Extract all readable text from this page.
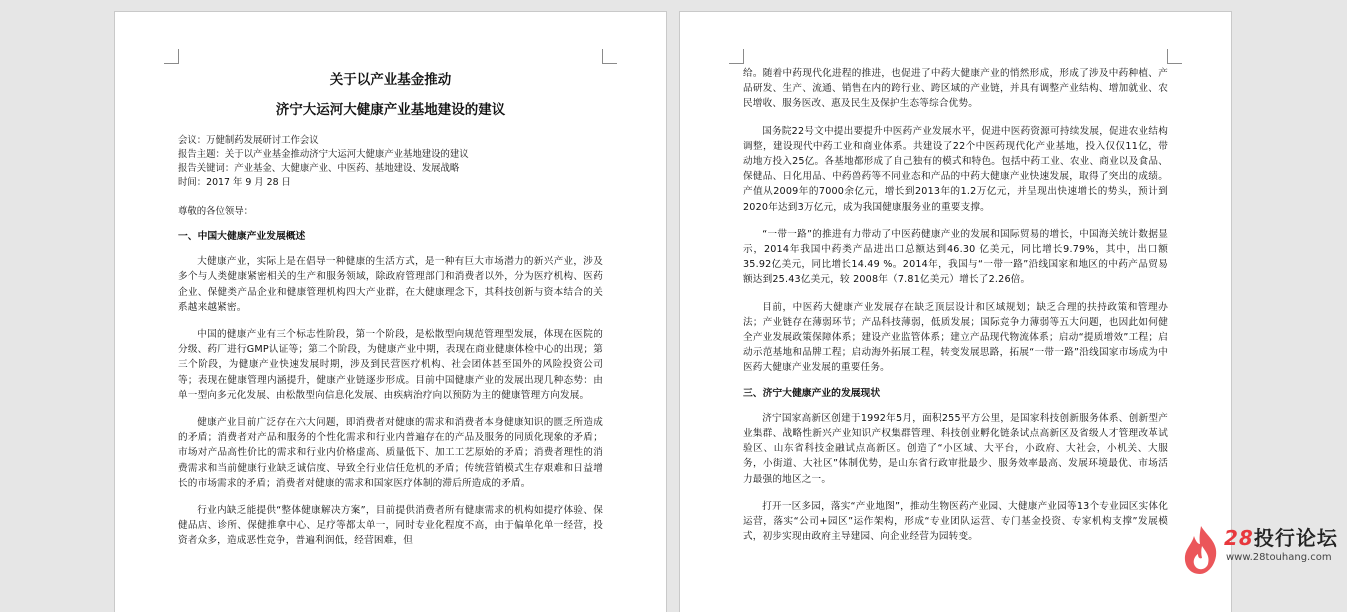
关于以产业基金推动
济宁大运河大健康产业基地建设的建议
会议：万健制药发展研讨工作会议
报告主题：关于以产业基金推动济宁大运河大健康产业基地建设的建议
报告关键词：产业基金、大健康产业、中医药、基地建设、发展战略
时间：2017 年 9 月 28 日
尊敬的各位领导：
一、中国大健康产业发展概述
大健康产业，实际上是在倡导一种健康的生活方式，是一种有巨大市场潜力的新兴产业，涉及多个与人类健康紧密相关的生产和服务领域，除政府管理部门和消费者以外，分为医疗机构、医药企业、保健类产品企业和健康管理机构四大产业群，在大健康理念下，其科技创新与资本结合的关系越来越紧密。
中国的健康产业有三个标志性阶段，第一个阶段，是松散型向规范管理型发展，体现在医院的分级、药厂进行GMP认证等；第二个阶段，为健康产业中期，表现在商业健康体检中心的出现；第三个阶段，为健康产业快速发展时期，涉及到民营医疗机构、社会团体甚至国外的风险投资公司等；表现在健康管理内涵提升，健康产业链逐步形成。目前中国健康产业的发展出现几种态势：由单一型向多元化发展、由松散型向信息化发展、由疾病治疗向以预防为主的健康管理方向发展。
健康产业目前广泛存在六大问题，即消费者对健康的需求和消费者本身健康知识的匮乏所造成的矛盾；消费者对产品和服务的个性化需求和行业内普遍存在的产品及服务的同质化现象的矛盾；市场对产品高性价比的需求和行业内价格虚高、质量低下、加工工艺原始的矛盾；消费者理性的消费需求和当前健康行业缺乏诚信度、导致全行业信任危机的矛盾；传统营销模式生存艰难和日益增长的市场需求的矛盾；消费者对健康的需求和国家医疗体制的滞后所造成的矛盾。
行业内缺乏能提供“整体健康解决方案”，目前提供消费者所有健康需求的机构如提疗体验、保健品店、诊所、保健推拿中心、足疗等都太单一，同时专业化程度不高，由于偏单化单一经营，投资者众多，造成恶性竞争，普遍利润低，经营困难，但
给。随着中药现代化进程的推进，也促进了中药大健康产业的悄然形成，形成了涉及中药种植、产品研发、生产、流通、销售在内的跨行业、跨区域的产业链，并具有调整产业结构、增加就业、农民增收、服务医改、惠及民生及保护生态等综合优势。
国务院22号文中提出要提升中医药产业发展水平，促进中医药资源可持续发展，促进农业结构调整，建设现代中药工业和商业体系。共建设了22个中医药现代化产业基地，投入仅仅11亿，带动地方投入25亿。各基地都形成了自己独有的模式和特色。包括中药工业、农业、商业以及食品、保健品、日化用品、中药兽药等不同业态和产品的中药大健康产业快速发展，取得了突出的成绩。产值从2009年的7000余亿元，增长到2013年的1.2万亿元，并呈现出快速增长的势头，预计到2020年达到3万亿元，成为我国健康服务业的重要支撑。
“一带一路”的推进有力带动了中医药健康产业的发展和国际贸易的增长，中国海关统计数据显示，2014年我国中药类产品进出口总额达到46.30 亿美元，同比增长9.79%，其中，出口额35.92亿美元，同比增长14.49 %。2014年，我国与“一带一路”沿线国家和地区的中药产品贸易额达到25.43亿美元，较 2008年（7.81亿美元）增长了2.26倍。
目前，中医药大健康产业发展存在缺乏顶层设计和区域规划；缺乏合理的扶持政策和管理办法；产业链存在薄弱环节；产品科技薄弱，低质发展；国际竞争力薄弱等五大问题，也因此如何健全产业发展政策保障体系；建设产业监管体系；建立产品现代物流体系；启动“提质增效”工程；启动示范基地和品牌工程；启动海外拓展工程，转变发展思路，拓展“一带一路”沿线国家市场成为中医药大健康产业发展的重要任务。
三、济宁大健康产业的发展现状
济宁国家高新区创建于1992年5月，面积255平方公里，是国家科技创新服务体系、创新型产业集群、战略性新兴产业知识产权集群管理、科技创业孵化链条试点高新区及省级人才管理改革试验区、山东省科技金融试点高新区。创造了“小区域、大平台，小政府、大社会，小机关、大服务，小街道、大社区”体制优势，是山东省行政审批最少、服务效率最高、发展环境最优、市场活力最强的地区之一。
打开一区多园，落实“产业地图”，推动生物医药产业园、大健康产业园等13个专业园区实体化运营，落实“公司+园区”运作架构，形成“专业团队运营、专门基金投资、专家机构支撑”发展模式，初步实现由政府主导建园、向企业经营为园转变。	28投行论坛
www.28touhang.com
